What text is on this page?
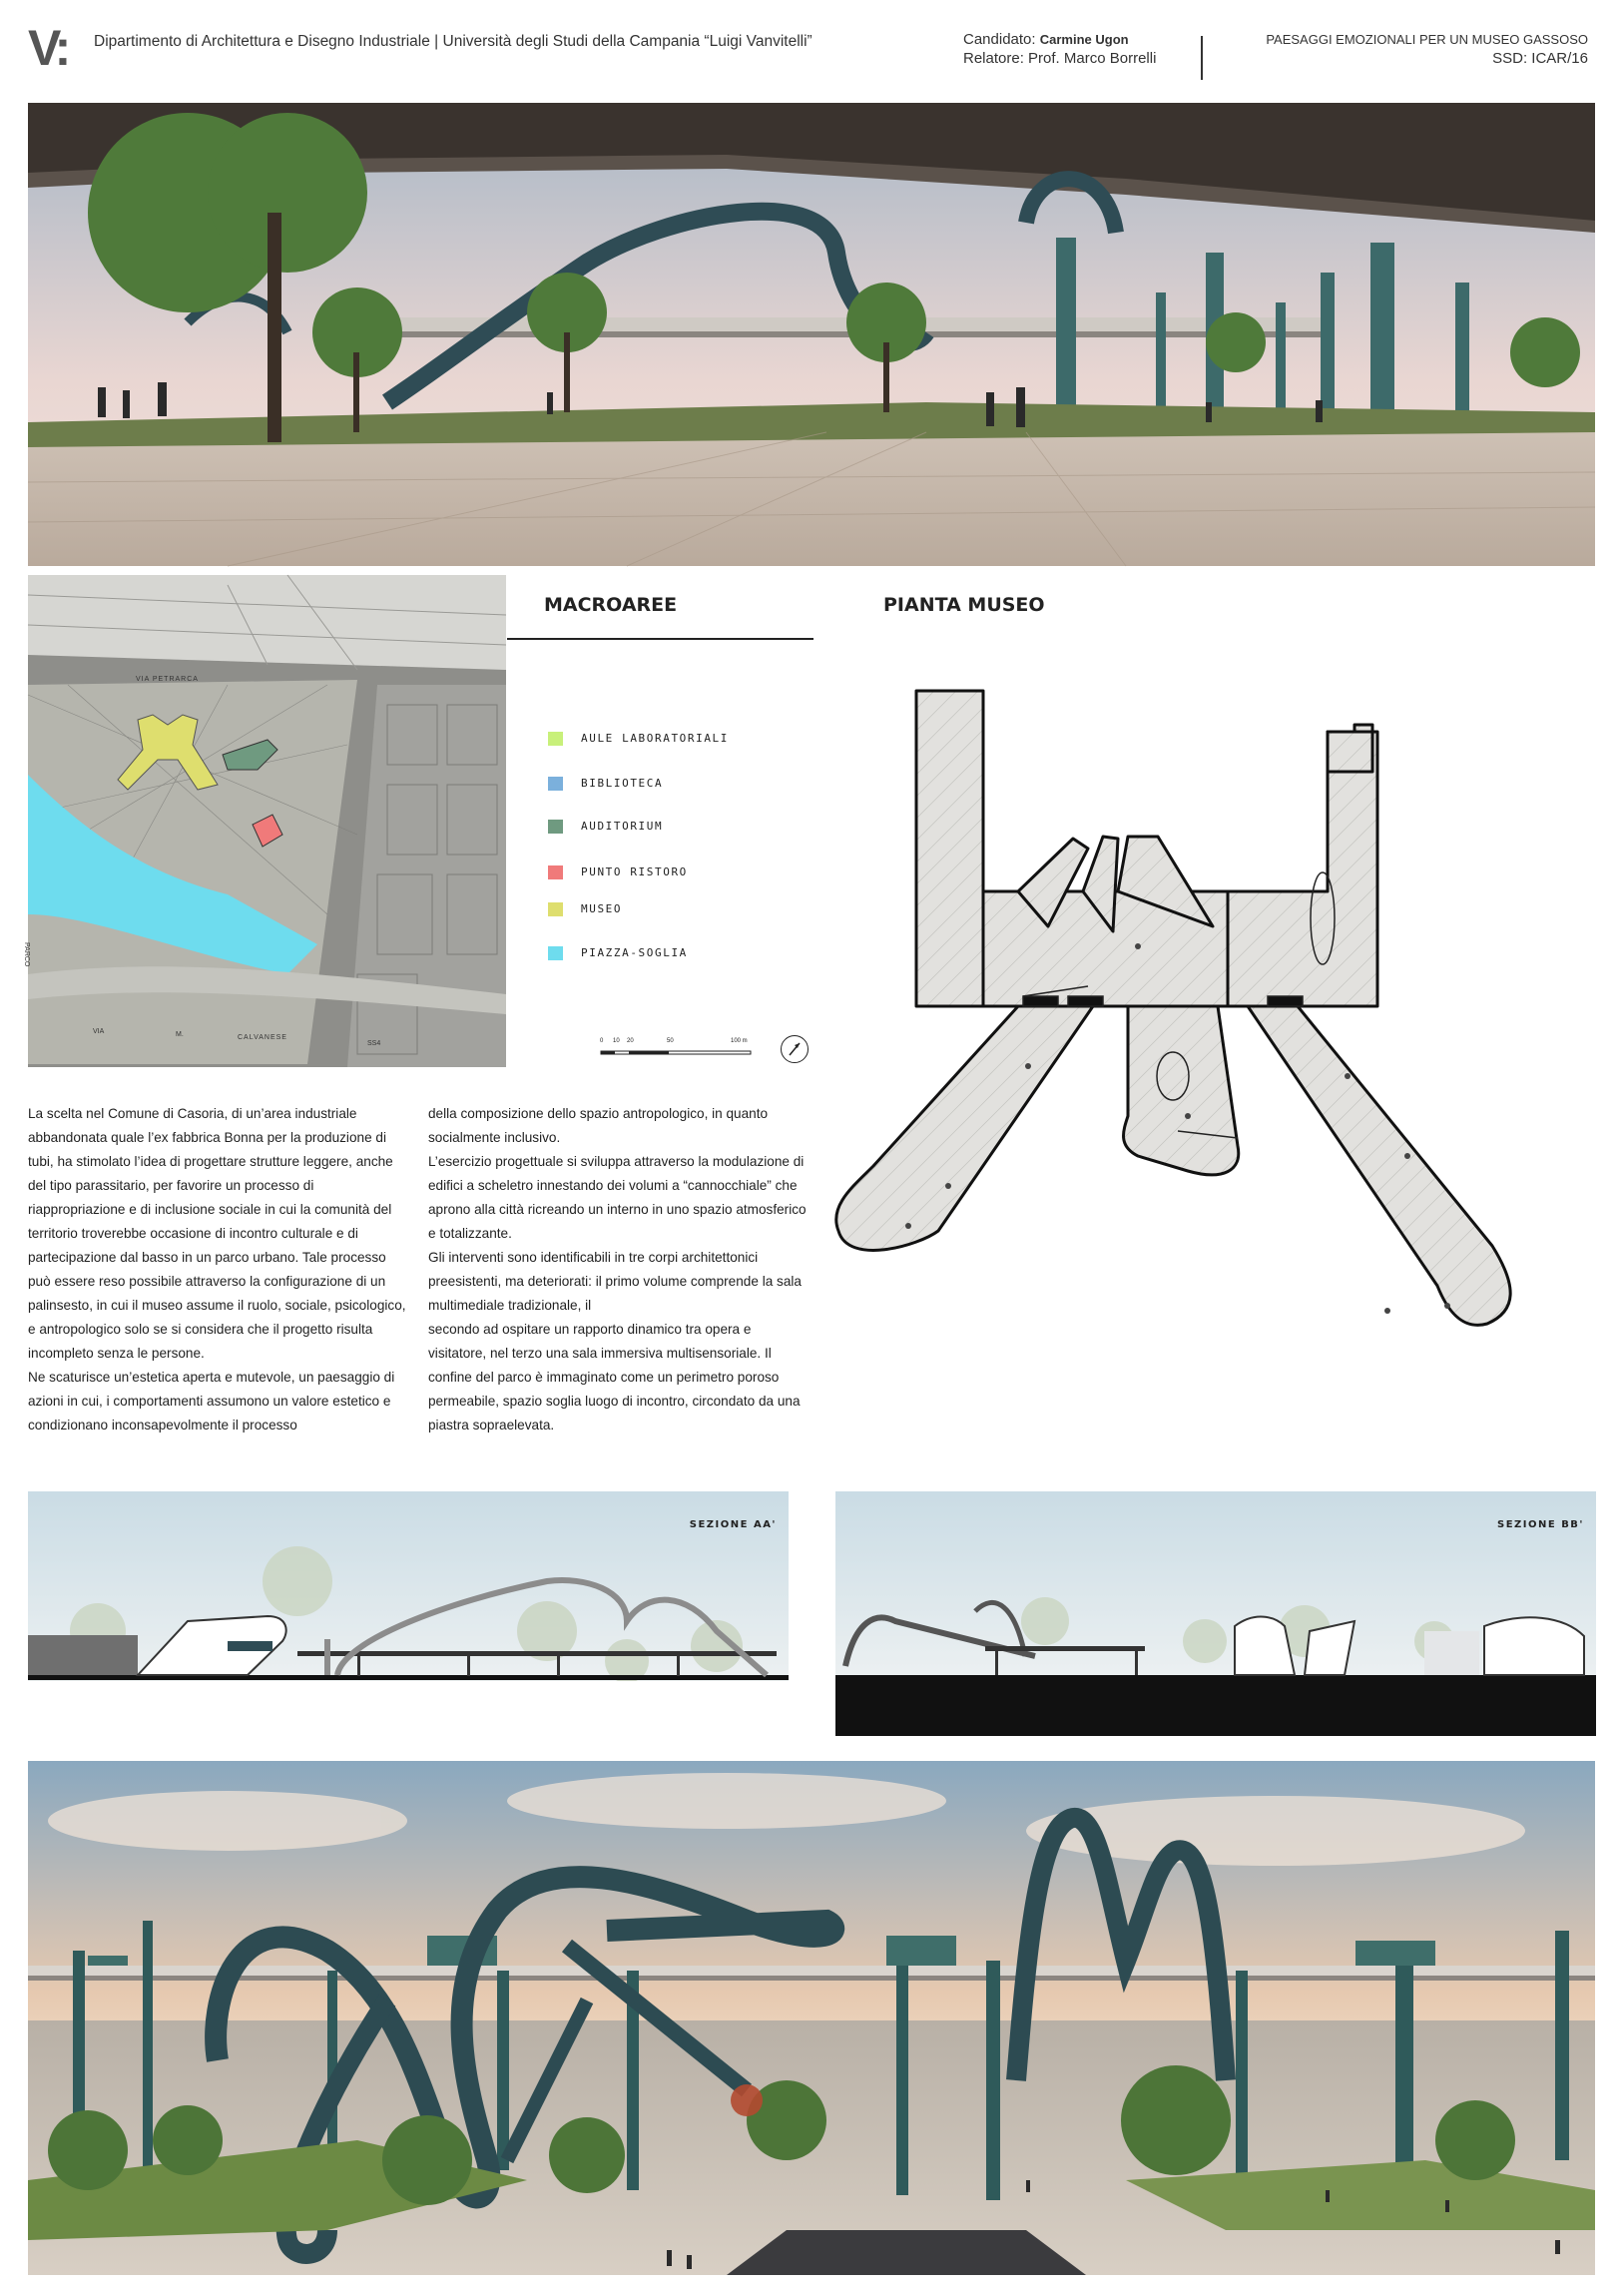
V: Dipartimento di Architettura e Disegno Industriale | Università degli Studi della Campania “Luigi Vanvitelli”	Candidato: Carmine Ugon
Relatore: Prof. Marco Borrelli
PAESAGGI EMOZIONALI PER UN MUSEO GASSOSO
SSD: ICAR/16
VIA PETRARCA
VIA	M.	CALVANESE
SS4
PARCO
MACROAREE
AULE LABORATORIALI
BIBLIOTECA
AUDITORIUM
PUNTO RISTORO
MUSEO
PIAZZA-SOGLIA
0 10 20	50	100 m
PIANTA MUSEO

La scelta nel Comune di Casoria, di un’area industriale abbandonata quale l’ex fabbrica Bonna per la produzione di tubi, ha stimolato l’idea di progettare strutture leggere, anche del tipo parassitario, per favorire un processo di riappropriazione e di inclusione sociale in cui la comunità del territorio troverebbe occasione di incontro culturale e di partecipazione dal basso in un parco urbano. Tale processo può essere reso possibile attraverso la configurazione di un palinsesto, in cui il museo assume il ruolo, sociale, psicologico, e antropologico solo se si considera che il progetto risulta incompleto senza le persone.

Ne scaturisce un’estetica aperta e mutevole, un paesaggio di azioni in cui, i comportamenti assumono un valore estetico e condizionano inconsapevolmente il processo

della composizione dello spazio antropologico, in quanto socialmente inclusivo.

L’esercizio progettuale si sviluppa attraverso la modulazione di edifici a scheletro innestando dei volumi a “cannocchiale” che aprono alla città ricreando un interno in uno spazio atmosferico e totalizzante.

Gli interventi sono identificabili in tre corpi architettonici preesistenti, ma deteriorati: il primo volume comprende la sala multimediale tradizionale, il

secondo ad ospitare un rapporto dinamico tra opera e visitatore, nel terzo una sala immersiva multisensoriale. Il confine del parco è immaginato come un perimetro poroso permeabile, spazio soglia luogo di incontro, circondato da una piastra sopraelevata.

SEZIONE AA'	SEZIONE BB'
